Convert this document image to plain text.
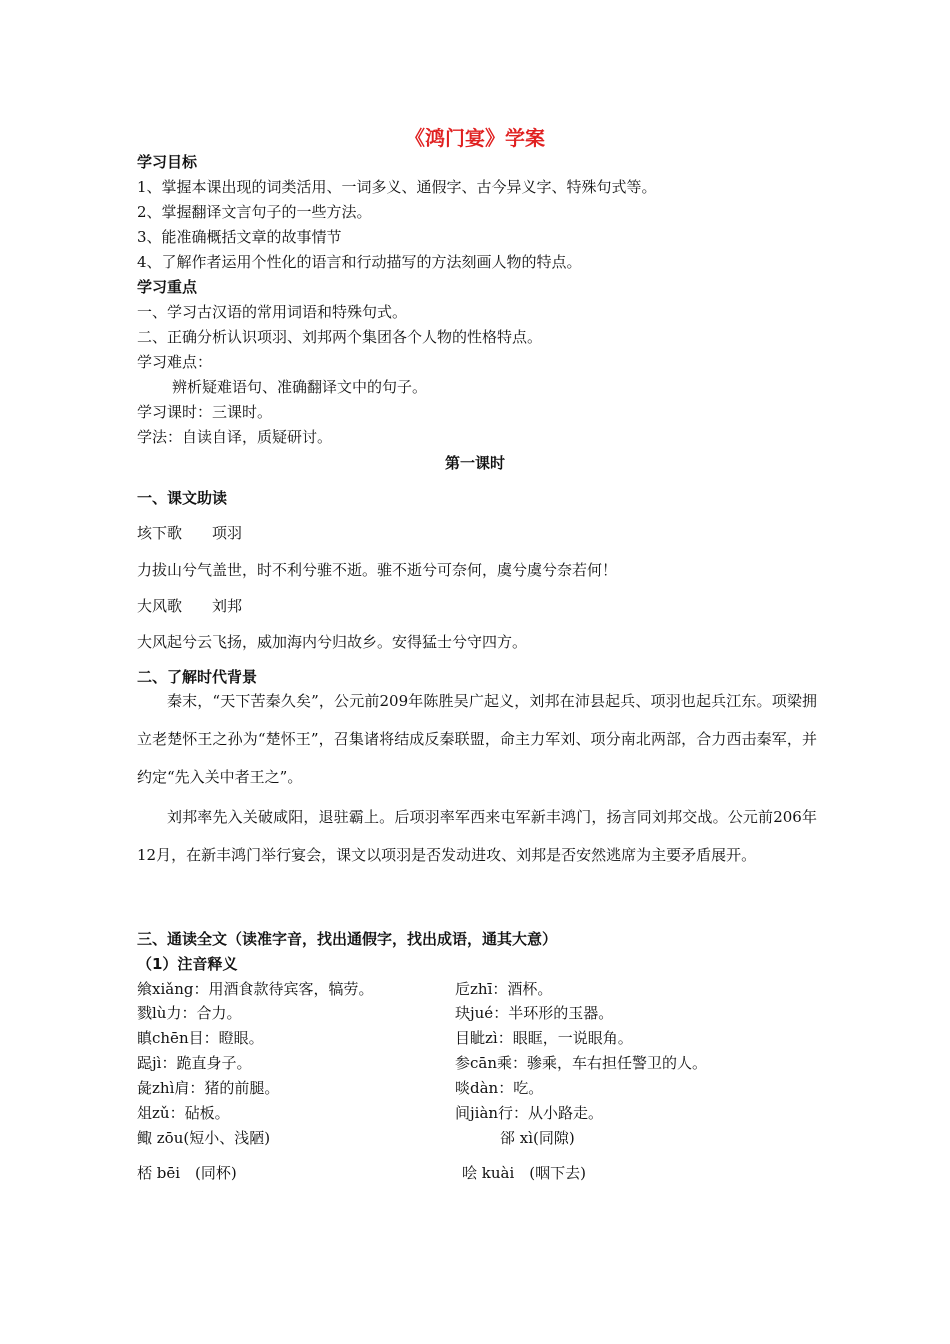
《鸿门宴》学案
学习目标
1、掌握本课出现的词类活用、一词多义、通假字、古今异义字、特殊句式等。
2、掌握翻译文言句子的一些方法。
3、能准确概括文章的故事情节
4、了解作者运用个性化的语言和行动描写的方法刻画人物的特点。
学习重点
一、学习古汉语的常用词语和特殊句式。
二、正确分析认识项羽、刘邦两个集团各个人物的性格特点。
学习难点：
辨析疑难语句、准确翻译文中的句子。
学习课时：三课时。
学法：自读自译，质疑研讨。
第一课时
一、课文助读
垓下歌 项羽
力拔山兮气盖世，时不利兮骓不逝。骓不逝兮可奈何，虞兮虞兮奈若何！
大风歌 刘邦
大风起兮云飞扬，威加海内兮归故乡。安得猛士兮守四方。
二、了解时代背景

秦末，“天下苦秦久矣”，公元前209年陈胜吴广起义，刘邦在沛县起兵、项羽也起兵江东。项梁拥立老楚怀王之孙为“楚怀王”，召集诸将结成反秦联盟，命主力军刘、项分南北两部，合力西击秦军，并约定“先入关中者王之”。

刘邦率先入关破咸阳，退驻霸上。后项羽率军西来屯军新丰鸿门，扬言同刘邦交战。公元前206年12月，在新丰鸿门举行宴会，课文以项羽是否发动进攻、刘邦是否安然逃席为主要矛盾展开。

三、通读全文（读准字音，找出通假字，找出成语，通其大意）
（1）注音释义
飨xiǎng：用酒食款待宾客，犒劳。
戮lù力：合力。
瞋chēn目：瞪眼。
跽jì：跪直身子。
彘zhì肩：猪的前腿。
俎zǔ：砧板。
鲰 zōu(短小、浅陋)
卮zhī：酒杯。
玦jué：半环形的玉器。
目眦zì：眼眶，一说眼角。
参cān乘：骖乘，车右担任警卫的人。
啖dàn：吃。
间jiàn行：从小路走。
郤 xì(同隙)
桮 bēi　(同杯)	哙 kuài　(咽下去)
